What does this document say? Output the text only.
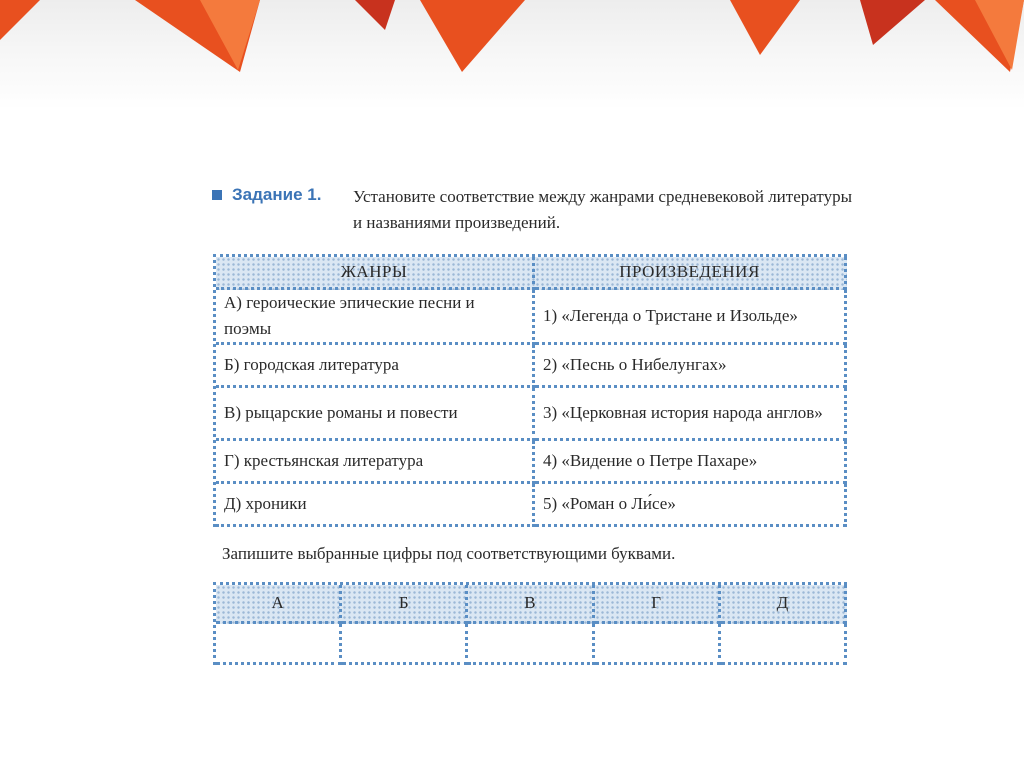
Задание 1. Установите соответствие между жанрами средневековой литературы и названиями произведений.
ЖАНРЫ	ПРОИЗВЕДЕНИЯ
А) героические эпические песни и поэмы	1) «Легенда о Тристане и Изольде»
Б) городская литература	2) «Песнь о Нибелунгах»
В) рыцарские романы и повести	3) «Церковная история народа англов»
Г) крестьянская литература	4) «Видение о Петре Пахаре»
Д) хроники	5) «Роман о Ли́се»
Запишите выбранные цифры под соответствующими буквами.
А	Б	В	Г	Д
